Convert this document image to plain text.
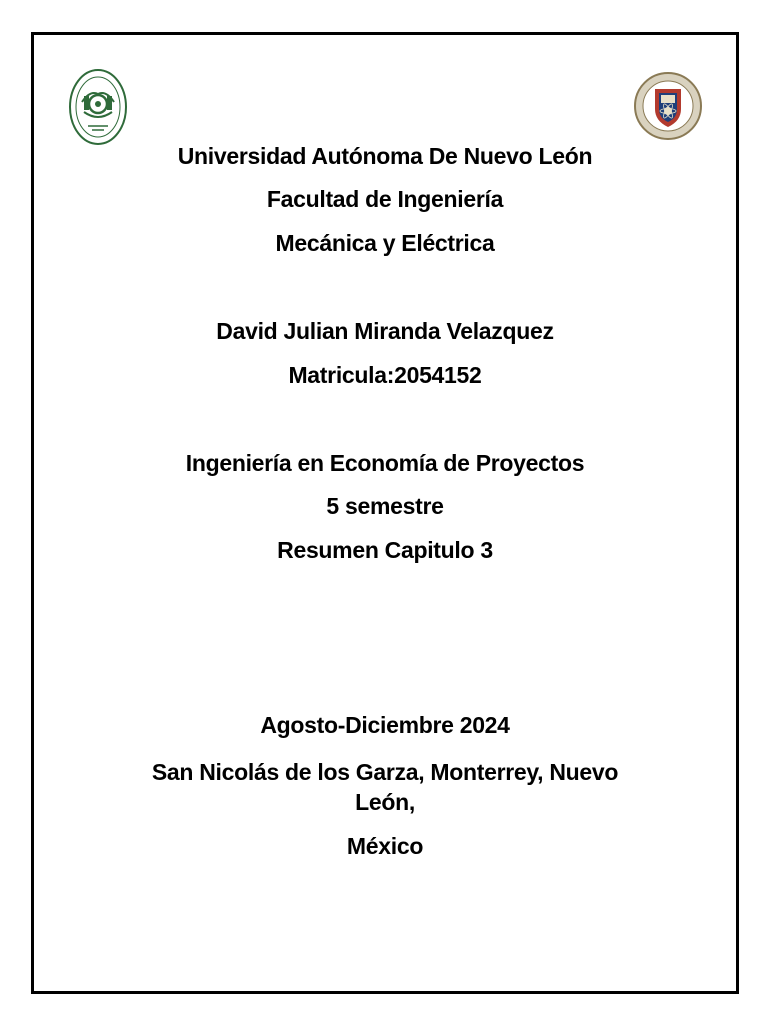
Universidad Autónoma De Nuevo León
Facultad de Ingeniería
Mecánica y Eléctrica
David Julian Miranda Velazquez
Matricula:2054152
Ingeniería en Economía de Proyectos
5 semestre
Resumen Capitulo 3
Agosto-Diciembre 2024
San Nicolás de los Garza, Monterrey, Nuevo León,
México
